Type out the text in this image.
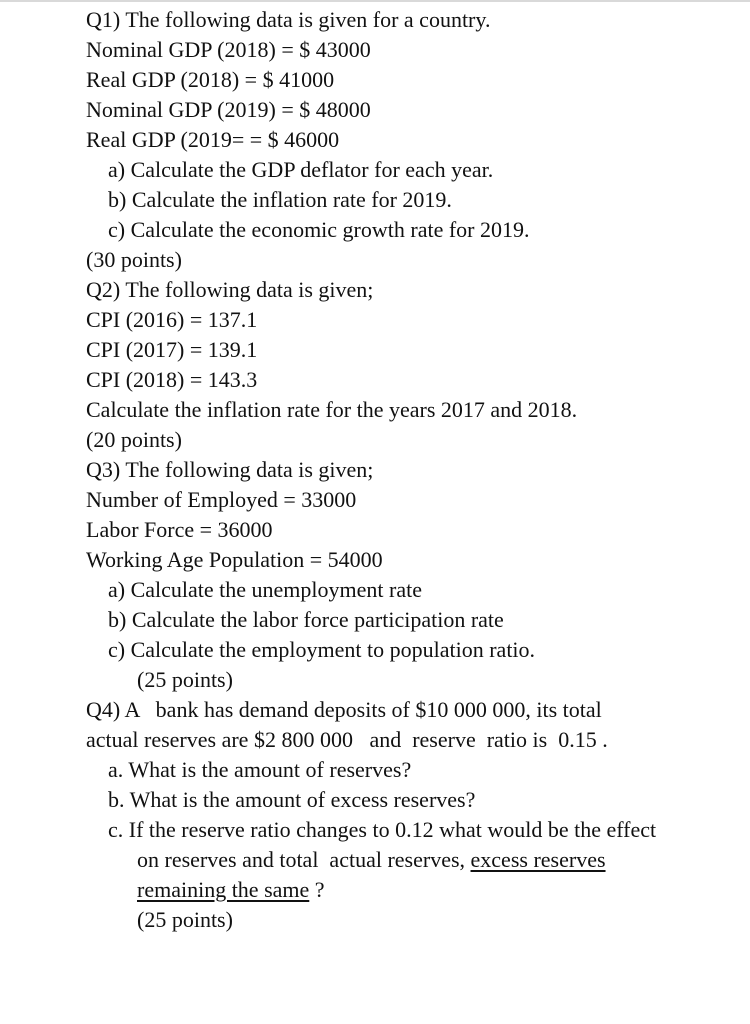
Q1) The following data is given for a country.
Nominal GDP (2018) = $ 43000
Real GDP (2018) = $ 41000
Nominal GDP (2019) = $ 48000
Real GDP (2019= = $ 46000
a) Calculate the GDP deflator for each year.
b) Calculate the inflation rate for 2019.
c) Calculate the economic growth rate for 2019.
(30 points)
Q2) The following data is given;
CPI (2016) = 137.1
CPI (2017) = 139.1
CPI (2018) = 143.3
Calculate the inflation rate for the years 2017 and 2018.
(20 points)
Q3) The following data is given;
Number of Employed = 33000
Labor Force = 36000
Working Age Population = 54000
a) Calculate the unemployment rate
b) Calculate the labor force participation rate
c) Calculate the employment to population ratio.
(25 points)
Q4) A   bank has demand deposits of $10 000 000, its total
actual reserves are $2 800 000   and  reserve  ratio is  0.15 .
a. What is the amount of reserves?
b. What is the amount of excess reserves?
c. If the reserve ratio changes to 0.12 what would be the effect
on reserves and total  actual reserves, excess reserves
remaining the same ?
(25 points)
